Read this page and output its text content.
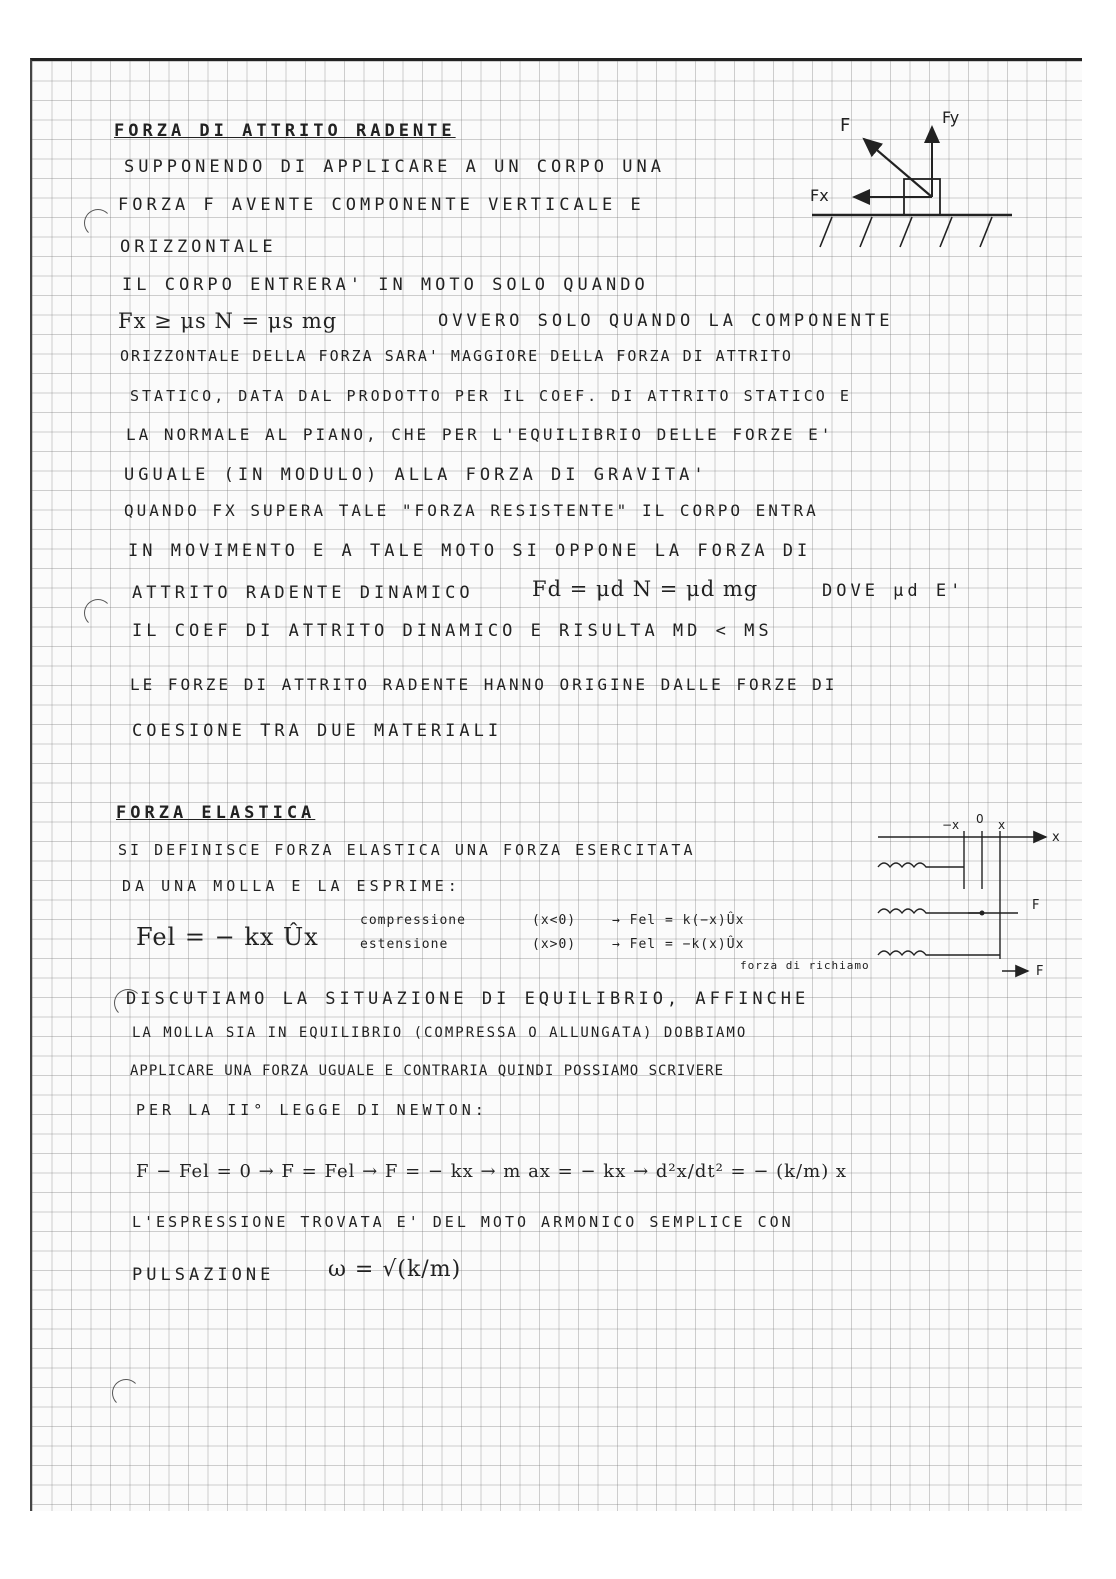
FORZA DI ATTRITO RADENTE

SUPPONENDO DI APPLICARE A UN CORPO UNA

FORZA F AVENTE COMPONENTE VERTICALE E

ORIZZONTALE

IL CORPO ENTRERA' IN MOTO SOLO QUANDO

Fx ≥ μs N = μs mg	OVVERO SOLO QUANDO LA COMPONENTE

ORIZZONTALE DELLA FORZA SARA' MAGGIORE DELLA FORZA DI ATTRITO

STATICO, DATA DAL PRODOTTO PER IL COEF. DI ATTRITO STATICO E

LA NORMALE AL PIANO, CHE PER L'EQUILIBRIO DELLE FORZE E'

UGUALE (IN MODULO) ALLA FORZA DI GRAVITA'

QUANDO FX SUPERA TALE "FORZA RESISTENTE" IL CORPO ENTRA

IN MOVIMENTO E A TALE MOTO SI OPPONE LA FORZA DI

ATTRITO RADENTE DINAMICO	Fd = μd N = μd mg	DOVE μd E'

IL COEF DI ATTRITO DINAMICO E RISULTA ΜD < ΜS

LE FORZE DI ATTRITO RADENTE HANNO ORIGINE DALLE FORZE DI

COESIONE TRA DUE MATERIALI

F	Fy
Fx

FORZA ELASTICA

SI DEFINISCE FORZA ELASTICA UNA FORZA ESERCITATA

DA UNA MOLLA E LA ESPRIME:

Fel = − kx Ûx

compressione	(x<0)	→ Fel = k(−x)Ûx

estensione	(x>0)	→ Fel = −k(x)Ûx

forza di richiamo

DISCUTIAMO LA SITUAZIONE DI EQUILIBRIO, AFFINCHE

LA MOLLA SIA IN EQUILIBRIO (COMPRESSA O ALLUNGATA) DOBBIAMO

APPLICARE UNA FORZA UGUALE E CONTRARIA QUINDI POSSIAMO SCRIVERE

PER LA II° LEGGE DI NEWTON:

F − Fel = 0 → F = Fel → F = − kx → m ax = − kx → d²x/dt² = − (k/m) x

L'ESPRESSIONE TROVATA E' DEL MOTO ARMONICO SEMPLICE CON

PULSAZIONE ω = √(k/m)

−x 0 x
x
F
F
